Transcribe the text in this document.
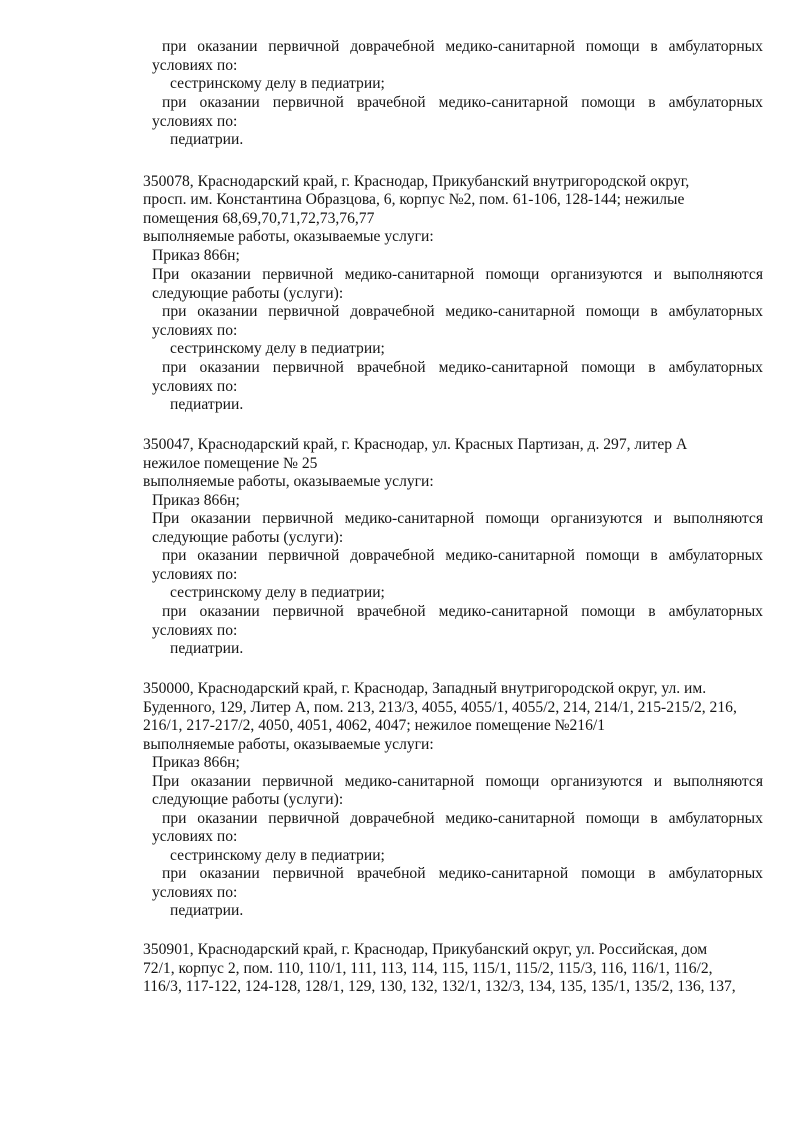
при оказании первичной доврачебной медико-санитарной помощи в амбулаторных
условиях по:
сестринскому делу в педиатрии;
при оказании первичной врачебной медико-санитарной помощи в амбулаторных
условиях по:
педиатрии.
350078, Краснодарский край, г. Краснодар, Прикубанский внутригородской округ,
просп. им. Константина Образцова, 6, корпус №2, пом. 61-106, 128-144; нежилые
помещения 68,69,70,71,72,73,76,77
выполняемые работы, оказываемые услуги:
Приказ 866н;
При оказании первичной медико-санитарной помощи организуются и выполняются
следующие работы (услуги):
при оказании первичной доврачебной медико-санитарной помощи в амбулаторных
условиях по:
сестринскому делу в педиатрии;
при оказании первичной врачебной медико-санитарной помощи в амбулаторных
условиях по:
педиатрии.
350047, Краснодарский край, г. Краснодар, ул. Красных Партизан, д. 297, литер А
нежилое помещение № 25
выполняемые работы, оказываемые услуги:
Приказ 866н;
При оказании первичной медико-санитарной помощи организуются и выполняются
следующие работы (услуги):
при оказании первичной доврачебной медико-санитарной помощи в амбулаторных
условиях по:
сестринскому делу в педиатрии;
при оказании первичной врачебной медико-санитарной помощи в амбулаторных
условиях по:
педиатрии.
350000, Краснодарский край, г. Краснодар, Западный внутригородской округ, ул. им.
Буденного, 129, Литер А, пом. 213, 213/3, 4055, 4055/1, 4055/2, 214, 214/1, 215-215/2, 216,
216/1, 217-217/2, 4050, 4051, 4062, 4047; нежилое помещение №216/1
выполняемые работы, оказываемые услуги:
Приказ 866н;
При оказании первичной медико-санитарной помощи организуются и выполняются
следующие работы (услуги):
при оказании первичной доврачебной медико-санитарной помощи в амбулаторных
условиях по:
сестринскому делу в педиатрии;
при оказании первичной врачебной медико-санитарной помощи в амбулаторных
условиях по:
педиатрии.
350901, Краснодарский край, г. Краснодар, Прикубанский округ, ул. Российская, дом
72/1, корпус 2, пом. 110, 110/1, 111, 113, 114, 115, 115/1, 115/2, 115/3, 116, 116/1, 116/2,
116/3, 117-122, 124-128, 128/1, 129, 130, 132, 132/1, 132/3, 134, 135, 135/1, 135/2, 136, 137,
